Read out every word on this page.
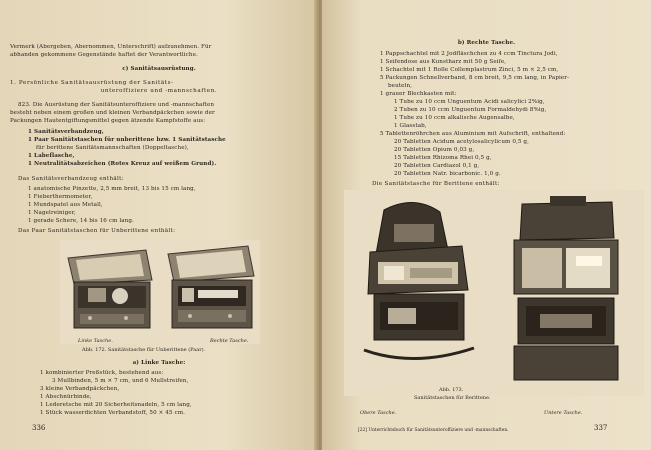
Vermerk (Abergeben, Abernommen, Unterschrift) aufzunehmen. Für
abhanden gekommene Gegenstände haftet der Verantwortliche.
c) Sanitätsausrüstung.
1. Persönliche Sanitätsausrüstung der Sanitäts-
unteroffiziere und -mannschaften.
823. Die Ausrüstung der Sanitätsunteroffiziere und -mannschaften
besteht neben einem großen und kleinen Verbandpäckchen sowie der
Packungen Hautentgiftungsmittel gegen ätzende Kampfstoffe aus:
1 Sanitätsverbandzeug,
1 Paar Sanitätstaschen für unberittene bzw. 1 Sanitätstasche
für berittene Sanitätsmannschaften (Doppeltasche),
1 Labeflasche,
1 Neutralitätsabzeichen (Rotes Kreuz auf weißem Grund).
Das Sanitätsverbandzeug enthält:
1 anatomische Pinzette, 2,5 mm breit, 13 bis 15 cm lang,
1 Fieberthermometer,
1 Mundspatel aus Metall,
1 Nagelreiniger,
1 gerade Schere, 14 bis 16 cm lang.
Das Paar Sanitätstaschen für Unberittene enthält:
Linke Tasche.	Rechte Tasche.
Abb. 172. Sanitätstasche für Unberittene (Paar).
a) Linke Tasche:
1 kombinierter Preßstück, bestehend aus:
3 Mullbinden, 5 m × 7 cm, und 6 Mullstreifen,
3 kleine Verbandpäckchen,
1 Abschnürbinde,
1 Lederetsche mit 20 Sicherheitsnadeln, 5 cm lang,
1 Stück wasserdichten Verbandstoff, 50 × 45 cm.
336
b) Rechte Tasche.
1 Pappschachtel mit 2 Jodfläschchen zu 4 ccm Tinctura Jodi,
1 Seifendose aus Kunstharz mit 50 g Seife,
1 Schachtel mit 1 Rolle Collemplastrum Zinci, 5 m × 2,5 cm,
5 Packungen Schnellverband, 8 cm breit, 9,5 cm lang, in Papier-
beuteln,
1 grauer Blechkasten mit:
1 Tube zu 10 ccm Unguentum Acidi salicylici 2%ig,
2 Tuben zu 10 ccm Unguentum Formaldehydi 8%ig,
1 Tube zu 10 ccm alkalische Augensalbe,
1 Glasstab,
5 Tablettenröhrchen aus Aluminium mit Aufschrift, enthaltend:
20 Tabletten Acidum acetylosalicylicum 0,5 g,
20 Tabletten Opium 0,03 g,
15 Tabletten Rhizoma Rhei 0,5 g,
20 Tabletten Cardiazol 0,1 g,
20 Tabletten Natr. bicarbonic. 1,0 g.
Die Sanitätstasche für Berittene enthält:
Abb. 173.
Sanitätstaschen für Berittene.
Obere Tasche.	Untere Tasche.
[22] Unterrichtsbuch für Sanitätsunteroffiziere und -mannschaften.	337
